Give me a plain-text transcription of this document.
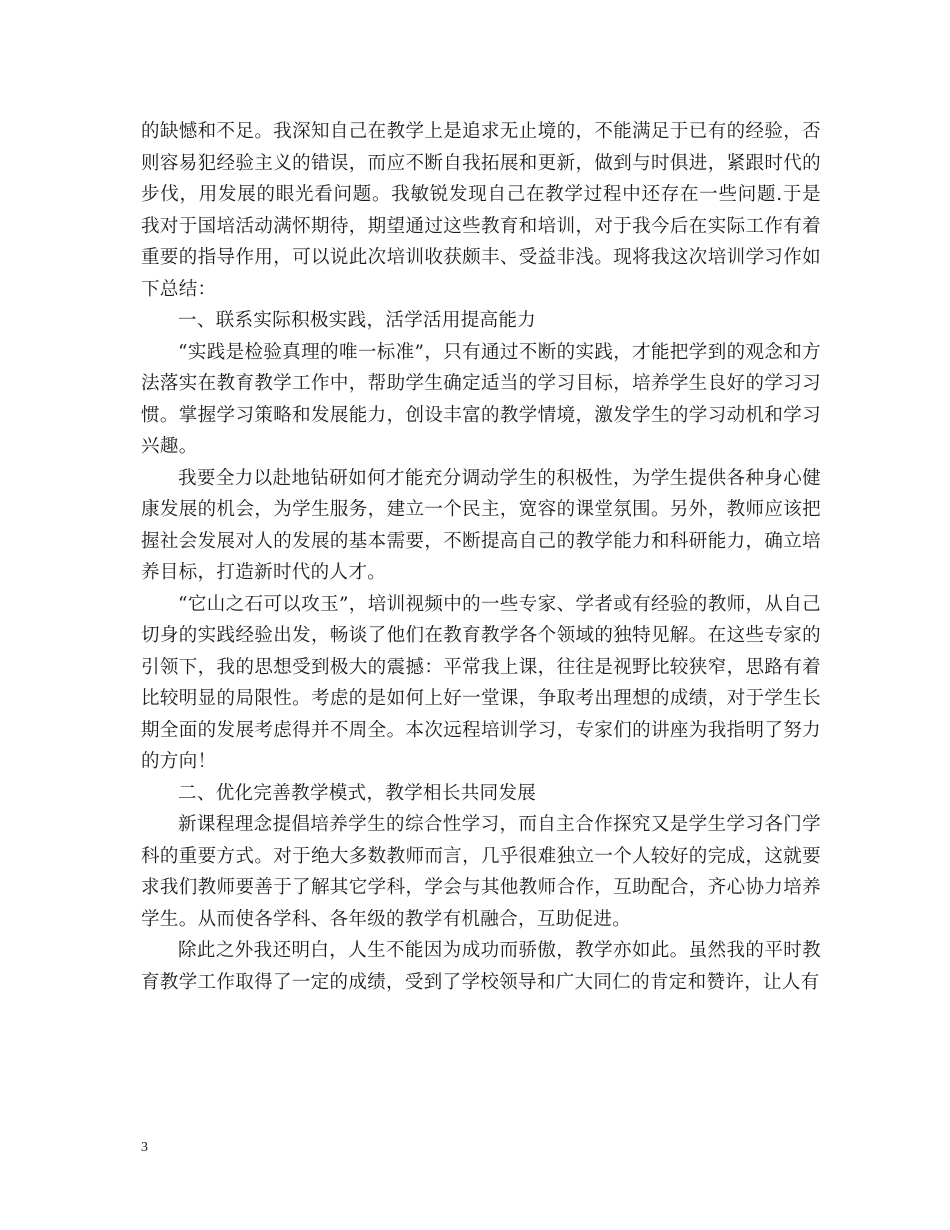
的缺憾和不足。我深知自己在教学上是追求无止境的，不能满足于已有的经验，否则容易犯经验主义的错误，而应不断自我拓展和更新，做到与时俱进，紧跟时代的步伐，用发展的眼光看问题。我敏锐发现自己在教学过程中还存在一些问题.于是我对于国培活动满怀期待，期望通过这些教育和培训，对于我今后在实际工作有着重要的指导作用，可以说此次培训收获颇丰、受益非浅。现将我这次培训学习作如下总结：

一、联系实际积极实践，活学活用提高能力

“实践是检验真理的唯一标准”，只有通过不断的实践，才能把学到的观念和方法落实在教育教学工作中，帮助学生确定适当的学习目标，培养学生良好的学习习惯。掌握学习策略和发展能力，创设丰富的教学情境，激发学生的学习动机和学习兴趣。

我要全力以赴地钻研如何才能充分调动学生的积极性，为学生提供各种身心健康发展的机会，为学生服务，建立一个民主，宽容的课堂氛围。另外，教师应该把握社会发展对人的发展的基本需要，不断提高自己的教学能力和科研能力，确立培养目标，打造新时代的人才。

“它山之石可以攻玉”，培训视频中的一些专家、学者或有经验的教师，从自己切身的实践经验出发，畅谈了他们在教育教学各个领域的独特见解。在这些专家的引领下，我的思想受到极大的震撼：平常我上课，往往是视野比较狭窄，思路有着比较明显的局限性。考虑的是如何上好一堂课，争取考出理想的成绩，对于学生长期全面的发展考虑得并不周全。本次远程培训学习，专家们的讲座为我指明了努力的方向！

二、优化完善教学模式，教学相长共同发展

新课程理念提倡培养学生的综合性学习，而自主合作探究又是学生学习各门学科的重要方式。对于绝大多数教师而言，几乎很难独立一个人较好的完成，这就要求我们教师要善于了解其它学科，学会与其他教师合作，互助配合，齐心协力培养学生。从而使各学科、各年级的教学有机融合，互助促进。

除此之外我还明白，人生不能因为成功而骄傲，教学亦如此。虽然我的平时教育教学工作取得了一定的成绩，受到了学校领导和广大同仁的肯定和赞许，让人有

3
